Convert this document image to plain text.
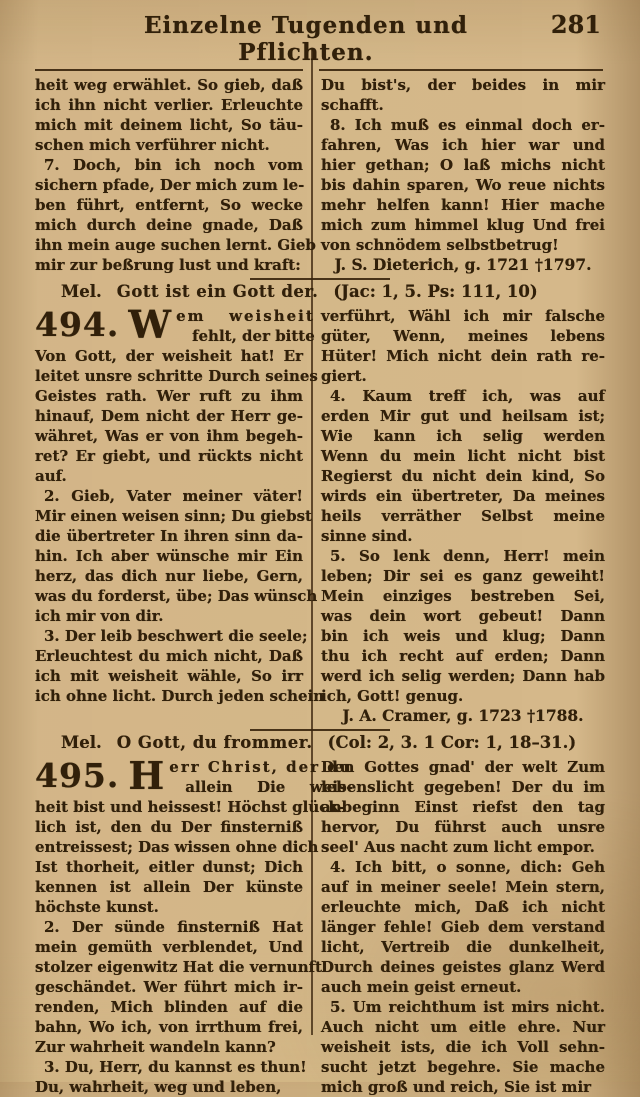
Einzelne Tugenden und Pflichten.
281
heit weg erwählet. So gieb, daß
ich ihn nicht verlier. Erleuchte
mich mit deinem licht, So täu-
schen mich verführer nicht.
7. Doch, bin ich noch vom
sichern pfade, Der mich zum le-
ben führt, entfernt, So wecke
mich durch deine gnade, Daß
ihn mein auge suchen lernt. Gieb
mir zur beßrung lust und kraft:
Du bist's, der beides in mir
schafft.
8. Ich muß es einmal doch er-
fahren, Was ich hier war und
hier gethan; O laß michs nicht
bis dahin sparen, Wo reue nichts
mehr helfen kann! Hier mache
mich zum himmel klug Und frei
von schnödem selbstbetrug!
J. S. Dieterich, g. 1721 †1797.
Mel. Gott ist ein Gott der. (Jac: 1, 5. Ps: 111, 10)
494. W em weisheit
fehlt, der bitte
Von Gott, der weisheit hat! Er
leitet unsre schritte Durch seines
Geistes rath. Wer ruft zu ihm
hinauf, Dem nicht der Herr ge-
währet, Was er von ihm begeh-
ret? Er giebt, und rückts nicht
auf.
2. Gieb, Vater meiner väter!
Mir einen weisen sinn; Du giebst
die übertreter In ihren sinn da-
hin. Ich aber wünsche mir Ein
herz, das dich nur liebe, Gern,
was du forderst, übe; Das wünsch
ich mir von dir.
3. Der leib beschwert die seele;
Erleuchtest du mich nicht, Daß
ich mit weisheit wähle, So irr
ich ohne licht. Durch jeden schein
verführt, Wähl ich mir falsche
güter, Wenn, meines lebens
Hüter! Mich nicht dein rath re-
giert.
4. Kaum treff ich, was auf
erden Mir gut und heilsam ist;
Wie kann ich selig werden
Wenn du mein licht nicht bist
Regierst du nicht dein kind, So
wirds ein übertreter, Da meines
heils verräther Selbst meine
sinne sind.
5. So lenk denn, Herr! mein
leben; Dir sei es ganz geweiht!
Mein einziges bestreben Sei,
was dein wort gebeut! Dann
bin ich weis und klug; Dann
thu ich recht auf erden; Dann
werd ich selig werden; Dann hab
ich, Gott! genug.
J. A. Cramer, g. 1723 †1788.
Mel. O Gott, du frommer. (Col: 2, 3. 1 Cor: 1, 18–31.)
495. H err Christ, der du
allein Die weis-
heit bist und heissest! Höchst glück-
lich ist, den du Der finsterniß
entreissest; Das wissen ohne dich
Ist thorheit, eitler dunst; Dich
kennen ist allein Der künste
höchste kunst.
2. Der sünde finsterniß Hat
mein gemüth verblendet, Und
stolzer eigenwitz Hat die vernunft
geschändet. Wer führt mich ir-
renden, Mich blinden auf die
bahn, Wo ich, von irrthum frei,
Zur wahrheit wandeln kann?
3. Du, Herr, du kannst es thun!
Du, wahrheit, weg und leben,
Den Gottes gnad' der welt Zum
lebenslicht gegeben! Der du im
anbeginn Einst riefst den tag
hervor, Du führst auch unsre
seel' Aus nacht zum licht empor.
4. Ich bitt, o sonne, dich: Geh
auf in meiner seele! Mein stern,
erleuchte mich, Daß ich nicht
länger fehle! Gieb dem verstand
licht, Vertreib die dunkelheit,
Durch deines geistes glanz Werd
auch mein geist erneut.
5. Um reichthum ist mirs nicht.
Auch nicht um eitle ehre. Nur
weisheit ists, die ich Voll sehn-
sucht jetzt begehre. Sie mache
mich groß und reich, Sie ist mir
